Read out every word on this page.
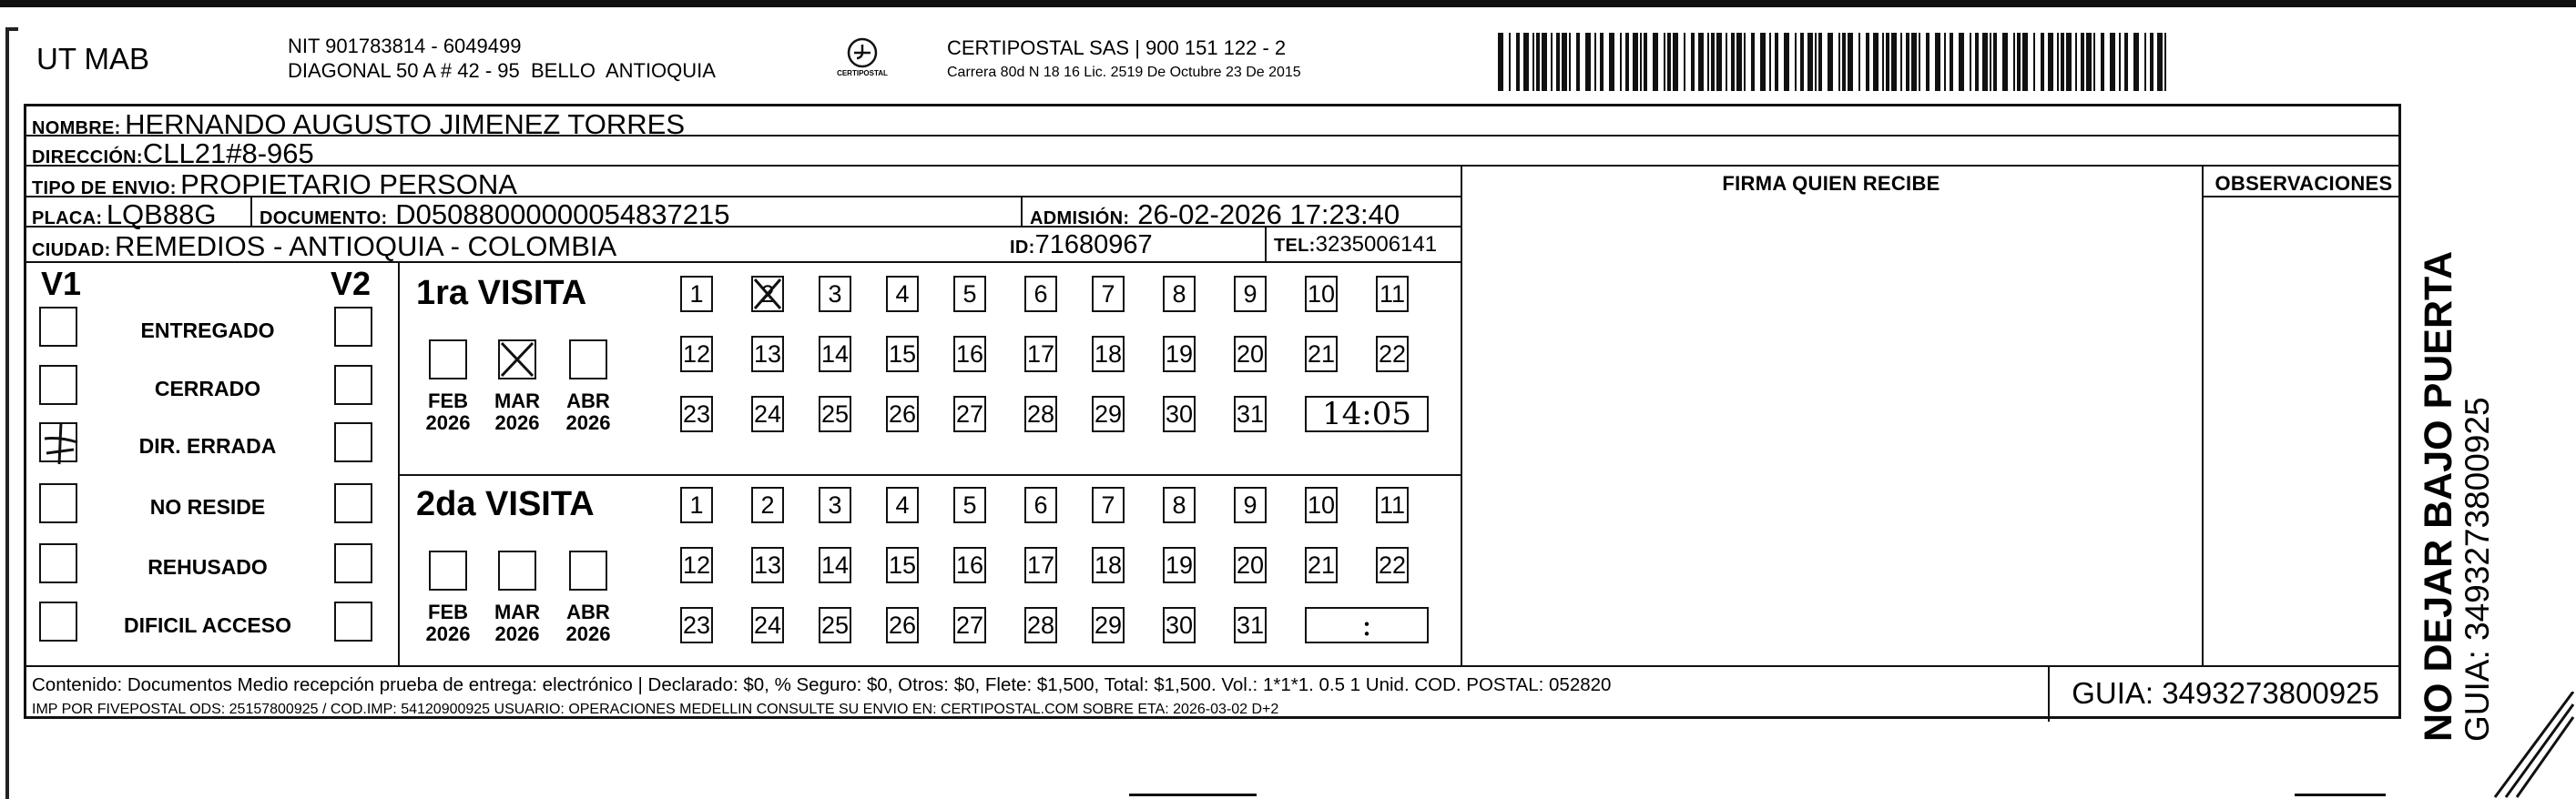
UT MAB	NIT 901783814 - 6049499
DIAGONAL 50 A # 42 - 95  BELLO  ANTIOQUIA	CERTIPOSTAL
CERTIPOSTAL SAS | 900 151 122 - 2
Carrera 80d N 18 16 Lic. 2519 De Octubre 23 De 2015
NOMBRE: HERNANDO AUGUSTO JIMENEZ TORRES
DIRECCIÓN:CLL21#8-965
TIPO DE ENVIO: PROPIETARIO PERSONA
PLACA: LQB88G DOCUMENTO: D05088000000054837215	ADMISIÓN: 26-02-2026 17:23:40
CIUDAD: REMEDIOS - ANTIOQUIA - COLOMBIA	ID:71680967	TEL:3235006141
FIRMA QUIEN RECIBE	OBSERVACIONES
V1	V2
ENTREGADO
CERRADO
DIR. ERRADA
NO RESIDE
REHUSADO
DIFICIL ACCESO
1ra VISITA
FEB
2026
MAR
2026
ABR
2026
1	2	3	4	5	6	7	8	9	10 11
12 13 14 15 16 17 18 19 20 21 22
23 24 25 26 27 28 29 30 31	14:05
2da VISITA
FEB
2026
MAR
2026
ABR
2026
1	2	3	4	5	6	7	8	9	10 11
12 13 14 15 16 17 18 19 20 21 22
23 24 25 26 27 28 29 30 31	:
Contenido: Documentos Medio recepción prueba de entrega: electrónico | Declarado: $0, % Seguro: $0, Otros: $0, Flete: $1,500, Total: $1,500. Vol.: 1*1*1. 0.5 1 Unid. COD. POSTAL: 052820
IMP POR FIVEPOSTAL ODS: 25157800925 / COD.IMP: 54120900925 USUARIO: OPERACIONES MEDELLIN CONSULTE SU ENVIO EN: CERTIPOSTAL.COM SOBRE ETA: 2026-03-02 D+2	GUIA: 3493273800925 NO DEJAR BAJO PUERTA
GUIA: 3493273800925
